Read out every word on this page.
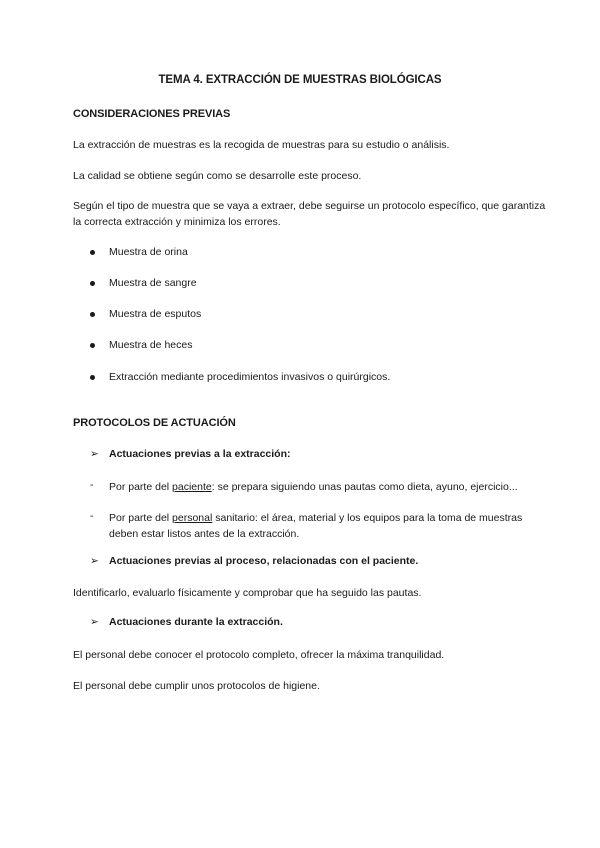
TEMA 4. EXTRACCIÓN DE MUESTRAS BIOLÓGICAS
CONSIDERACIONES PREVIAS
La extracción de muestras es la recogida de muestras para su estudio o análisis.
La calidad se obtiene según como se desarrolle este proceso.
Según el tipo de muestra que se vaya a extraer, debe seguirse un protocolo específico, que garantiza
la correcta extracción y minimiza los errores.
Muestra de orina
Muestra de sangre
Muestra de esputos
Muestra de heces
Extracción mediante procedimientos invasivos o quirúrgicos.
PROTOCOLOS DE ACTUACIÓN
➢ Actuaciones previas a la extracción:
- Por parte del paciente: se prepara siguiendo unas pautas como dieta, ayuno, ejercicio...
- Por parte del personal sanitario: el área, material y los equipos para la toma de muestras
deben estar listos antes de la extracción.
➢ Actuaciones previas al proceso, relacionadas con el paciente.
Identificarlo, evaluarlo físicamente y comprobar que ha seguido las pautas.
➢ Actuaciones durante la extracción.
El personal debe conocer el protocolo completo, ofrecer la máxima tranquilidad.
El personal debe cumplir unos protocolos de higiene.
